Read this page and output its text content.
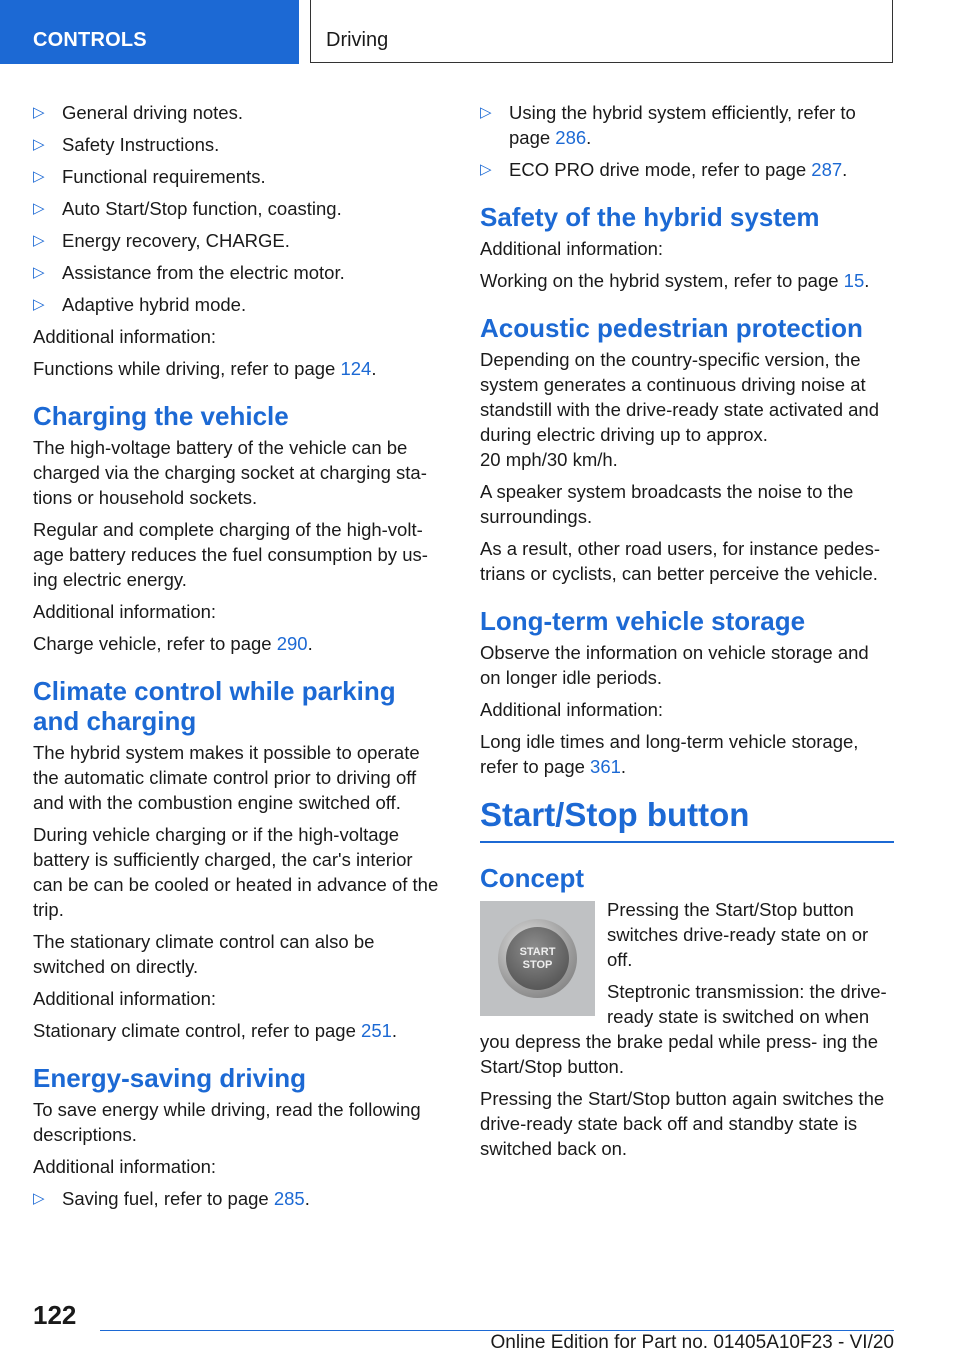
CONTROLS	Driving
▷ General driving notes.
▷ Safety Instructions.
▷ Functional requirements.
▷ Auto Start/Stop function, coasting.
▷ Energy recovery, CHARGE.
▷ Assistance from the electric motor.
▷ Adaptive hybrid mode.

Additional information:

Functions while driving, refer to page 124.

Charging the vehicle

The high-voltage battery of the vehicle can be charged via the charging socket at charging sta- tions or household sockets.

Regular and complete charging of the high-volt- age battery reduces the fuel consumption by us- ing electric energy.

Additional information:

Charge vehicle, refer to page 290.

Climate control while parking and charging

The hybrid system makes it possible to operate the automatic climate control prior to driving off and with the combustion engine switched off.

During vehicle charging or if the high-voltage battery is sufficiently charged, the car's interior can be can be cooled or heated in advance of the trip.

The stationary climate control can also be switched on directly.

Additional information:

Stationary climate control, refer to page 251.

Energy-saving driving

To save energy while driving, read the following descriptions.

Additional information:

▷ Saving fuel, refer to page 285.
▷ Using the hybrid system efficiently, refer to page 286.
▷ ECO PRO drive mode, refer to page 287.
Safety of the hybrid system

Additional information:

Working on the hybrid system, refer to page 15.

Acoustic pedestrian protection

Depending on the country-specific version, the system generates a continuous driving noise at standstill with the drive-ready state activated and during electric driving up to approx.
20 mph/30 km/h.

A speaker system broadcasts the noise to the surroundings.

As a result, other road users, for instance pedes- trians or cyclists, can better perceive the vehicle.

Long-term vehicle storage

Observe the information on vehicle storage and on longer idle periods.

Additional information:

Long idle times and long-term vehicle storage, refer to page 361.

Start/Stop button
Concept
START
STOP

Pressing the Start/Stop button switches drive-ready state on or off.

Steptronic transmission: the drive-ready state is switched on when you depress the brake pedal while press- ing the Start/Stop button.

Pressing the Start/Stop button again switches the drive-ready state back off and standby state is switched back on.

122
Online Edition for Part no. 01405A10F23 - VI/20
